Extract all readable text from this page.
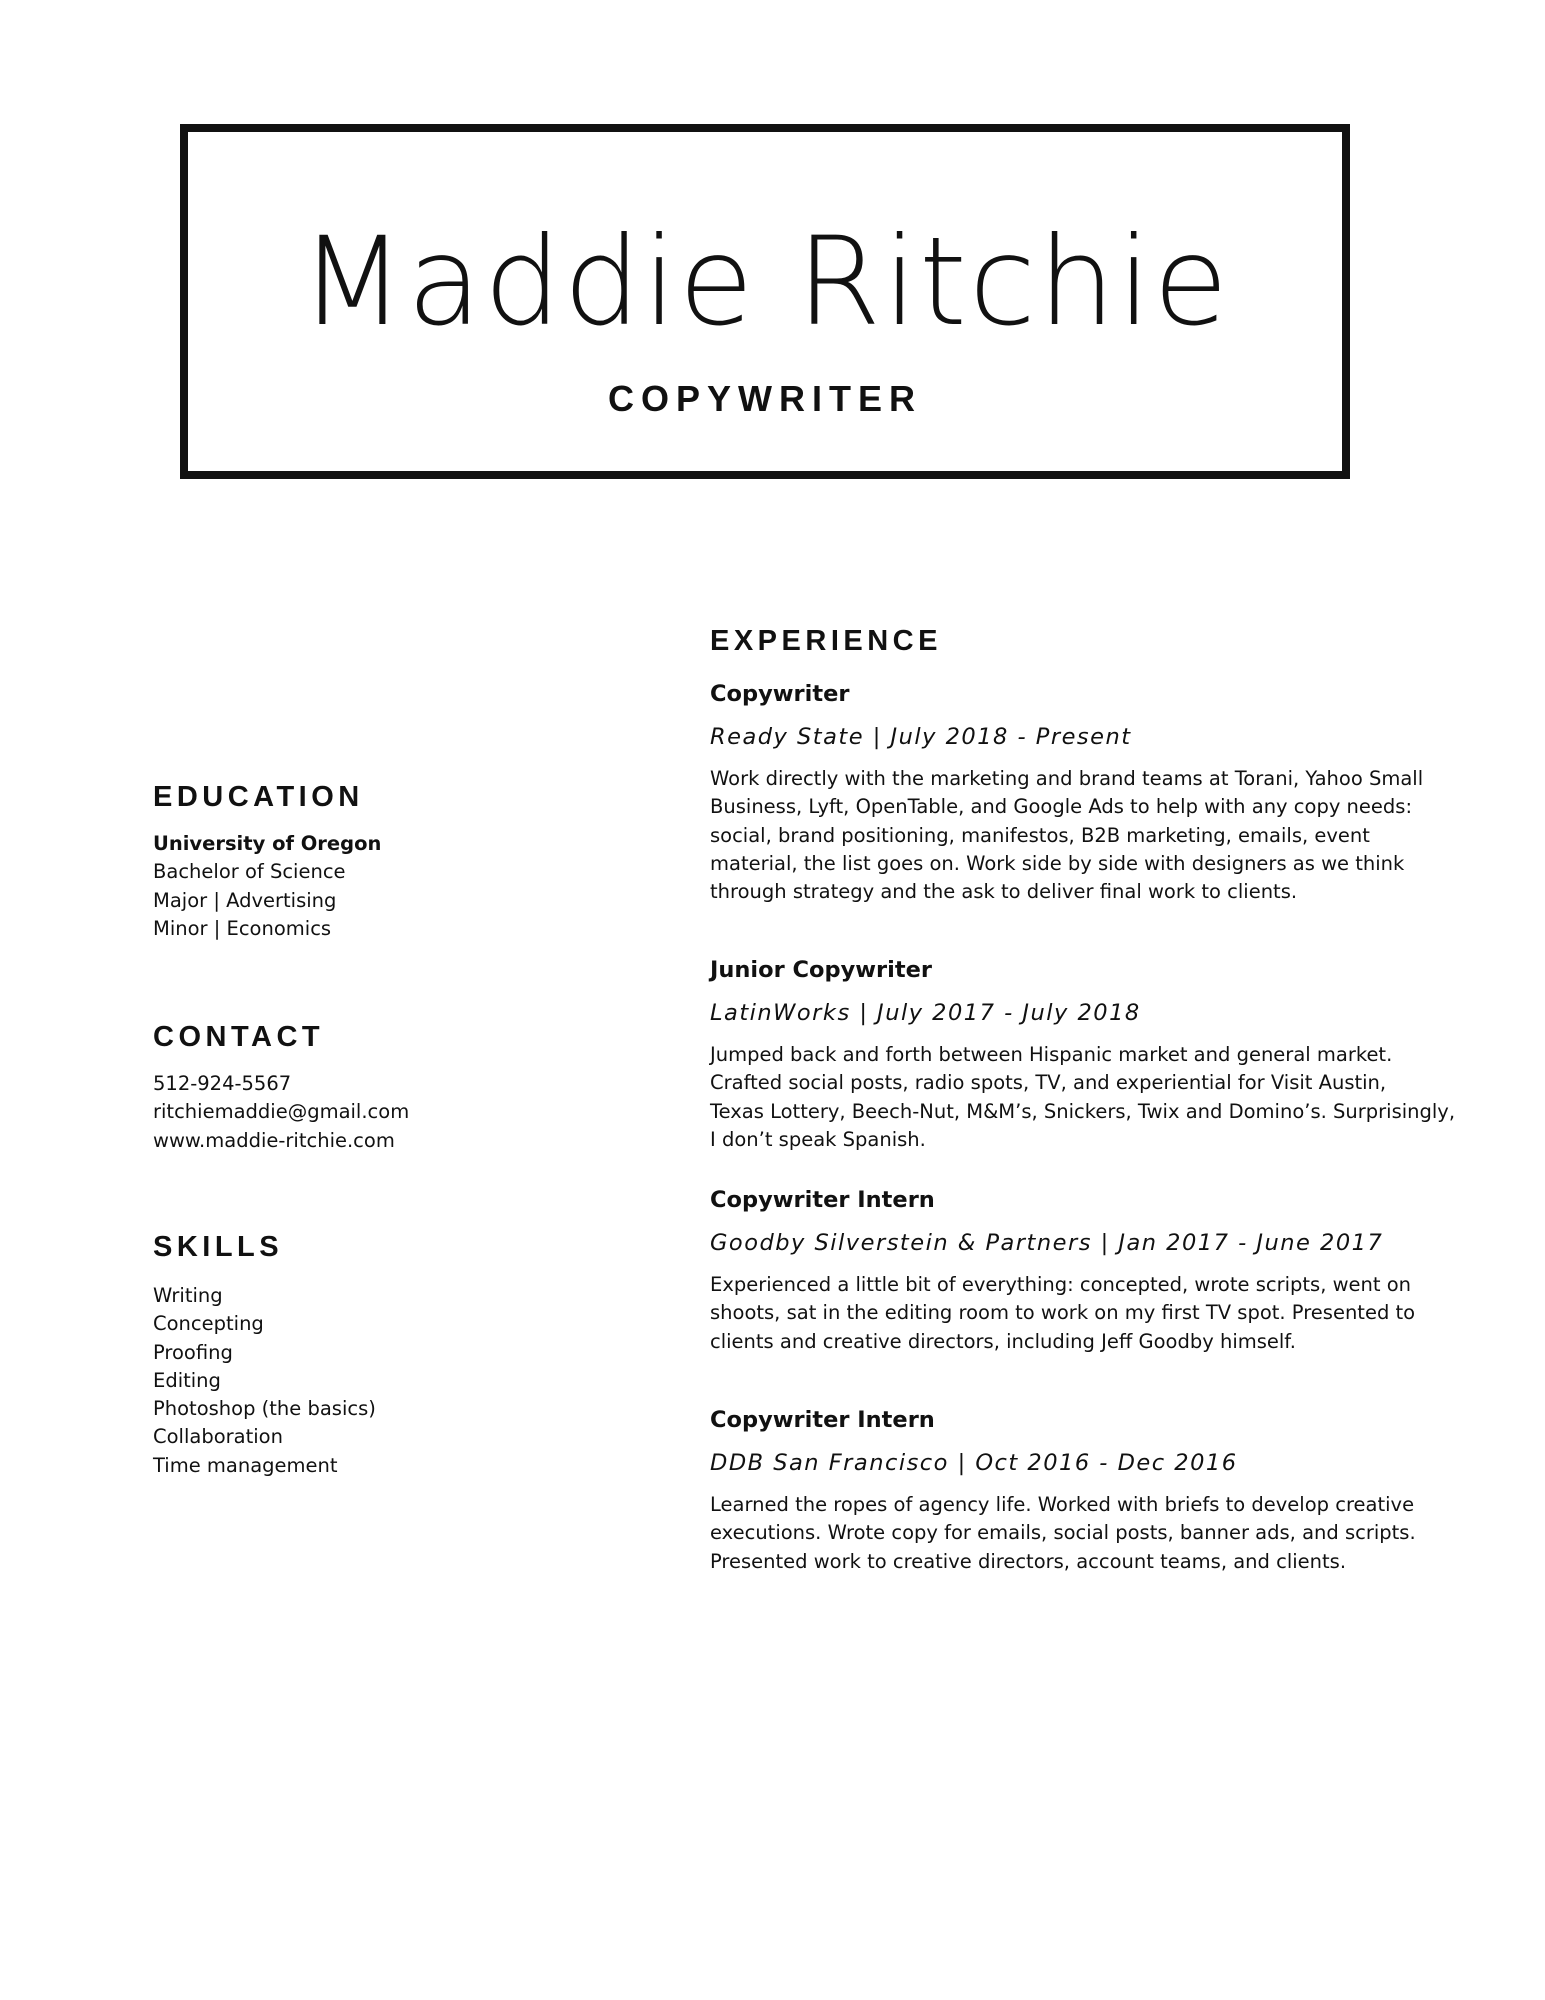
Maddie Ritchie
COPYWRITER
EDUCATION
University of Oregon
Bachelor of Science
Major | Advertising
Minor | Economics
CONTACT
512-924-5567
ritchiemaddie@gmail.com
www.maddie-ritchie.com
SKILLS
Writing
Concepting
Proofing
Editing
Photoshop (the basics)
Collaboration
Time management
EXPERIENCE
Copywriter
Ready State | July 2018 - Present
Work directly with the marketing and brand teams at Torani, Yahoo Small
Business, Lyft, OpenTable, and Google Ads to help with any copy needs:
social, brand positioning, manifestos, B2B marketing, emails, event
material, the list goes on. Work side by side with designers as we think
through strategy and the ask to deliver final work to clients.
Junior Copywriter
LatinWorks | July 2017 - July 2018
Jumped back and forth between Hispanic market and general market.
Crafted social posts, radio spots, TV, and experiential for Visit Austin,
Texas Lottery, Beech-Nut, M&M’s, Snickers, Twix and Domino’s. Surprisingly,
I don’t speak Spanish.
Copywriter Intern
Goodby Silverstein & Partners | Jan 2017 - June 2017
Experienced a little bit of everything: concepted, wrote scripts, went on
shoots, sat in the editing room to work on my first TV spot. Presented to
clients and creative directors, including Jeff Goodby himself.
Copywriter Intern
DDB San Francisco | Oct 2016 - Dec 2016
Learned the ropes of agency life. Worked with briefs to develop creative
executions. Wrote copy for emails, social posts, banner ads, and scripts.
Presented work to creative directors, account teams, and clients.
